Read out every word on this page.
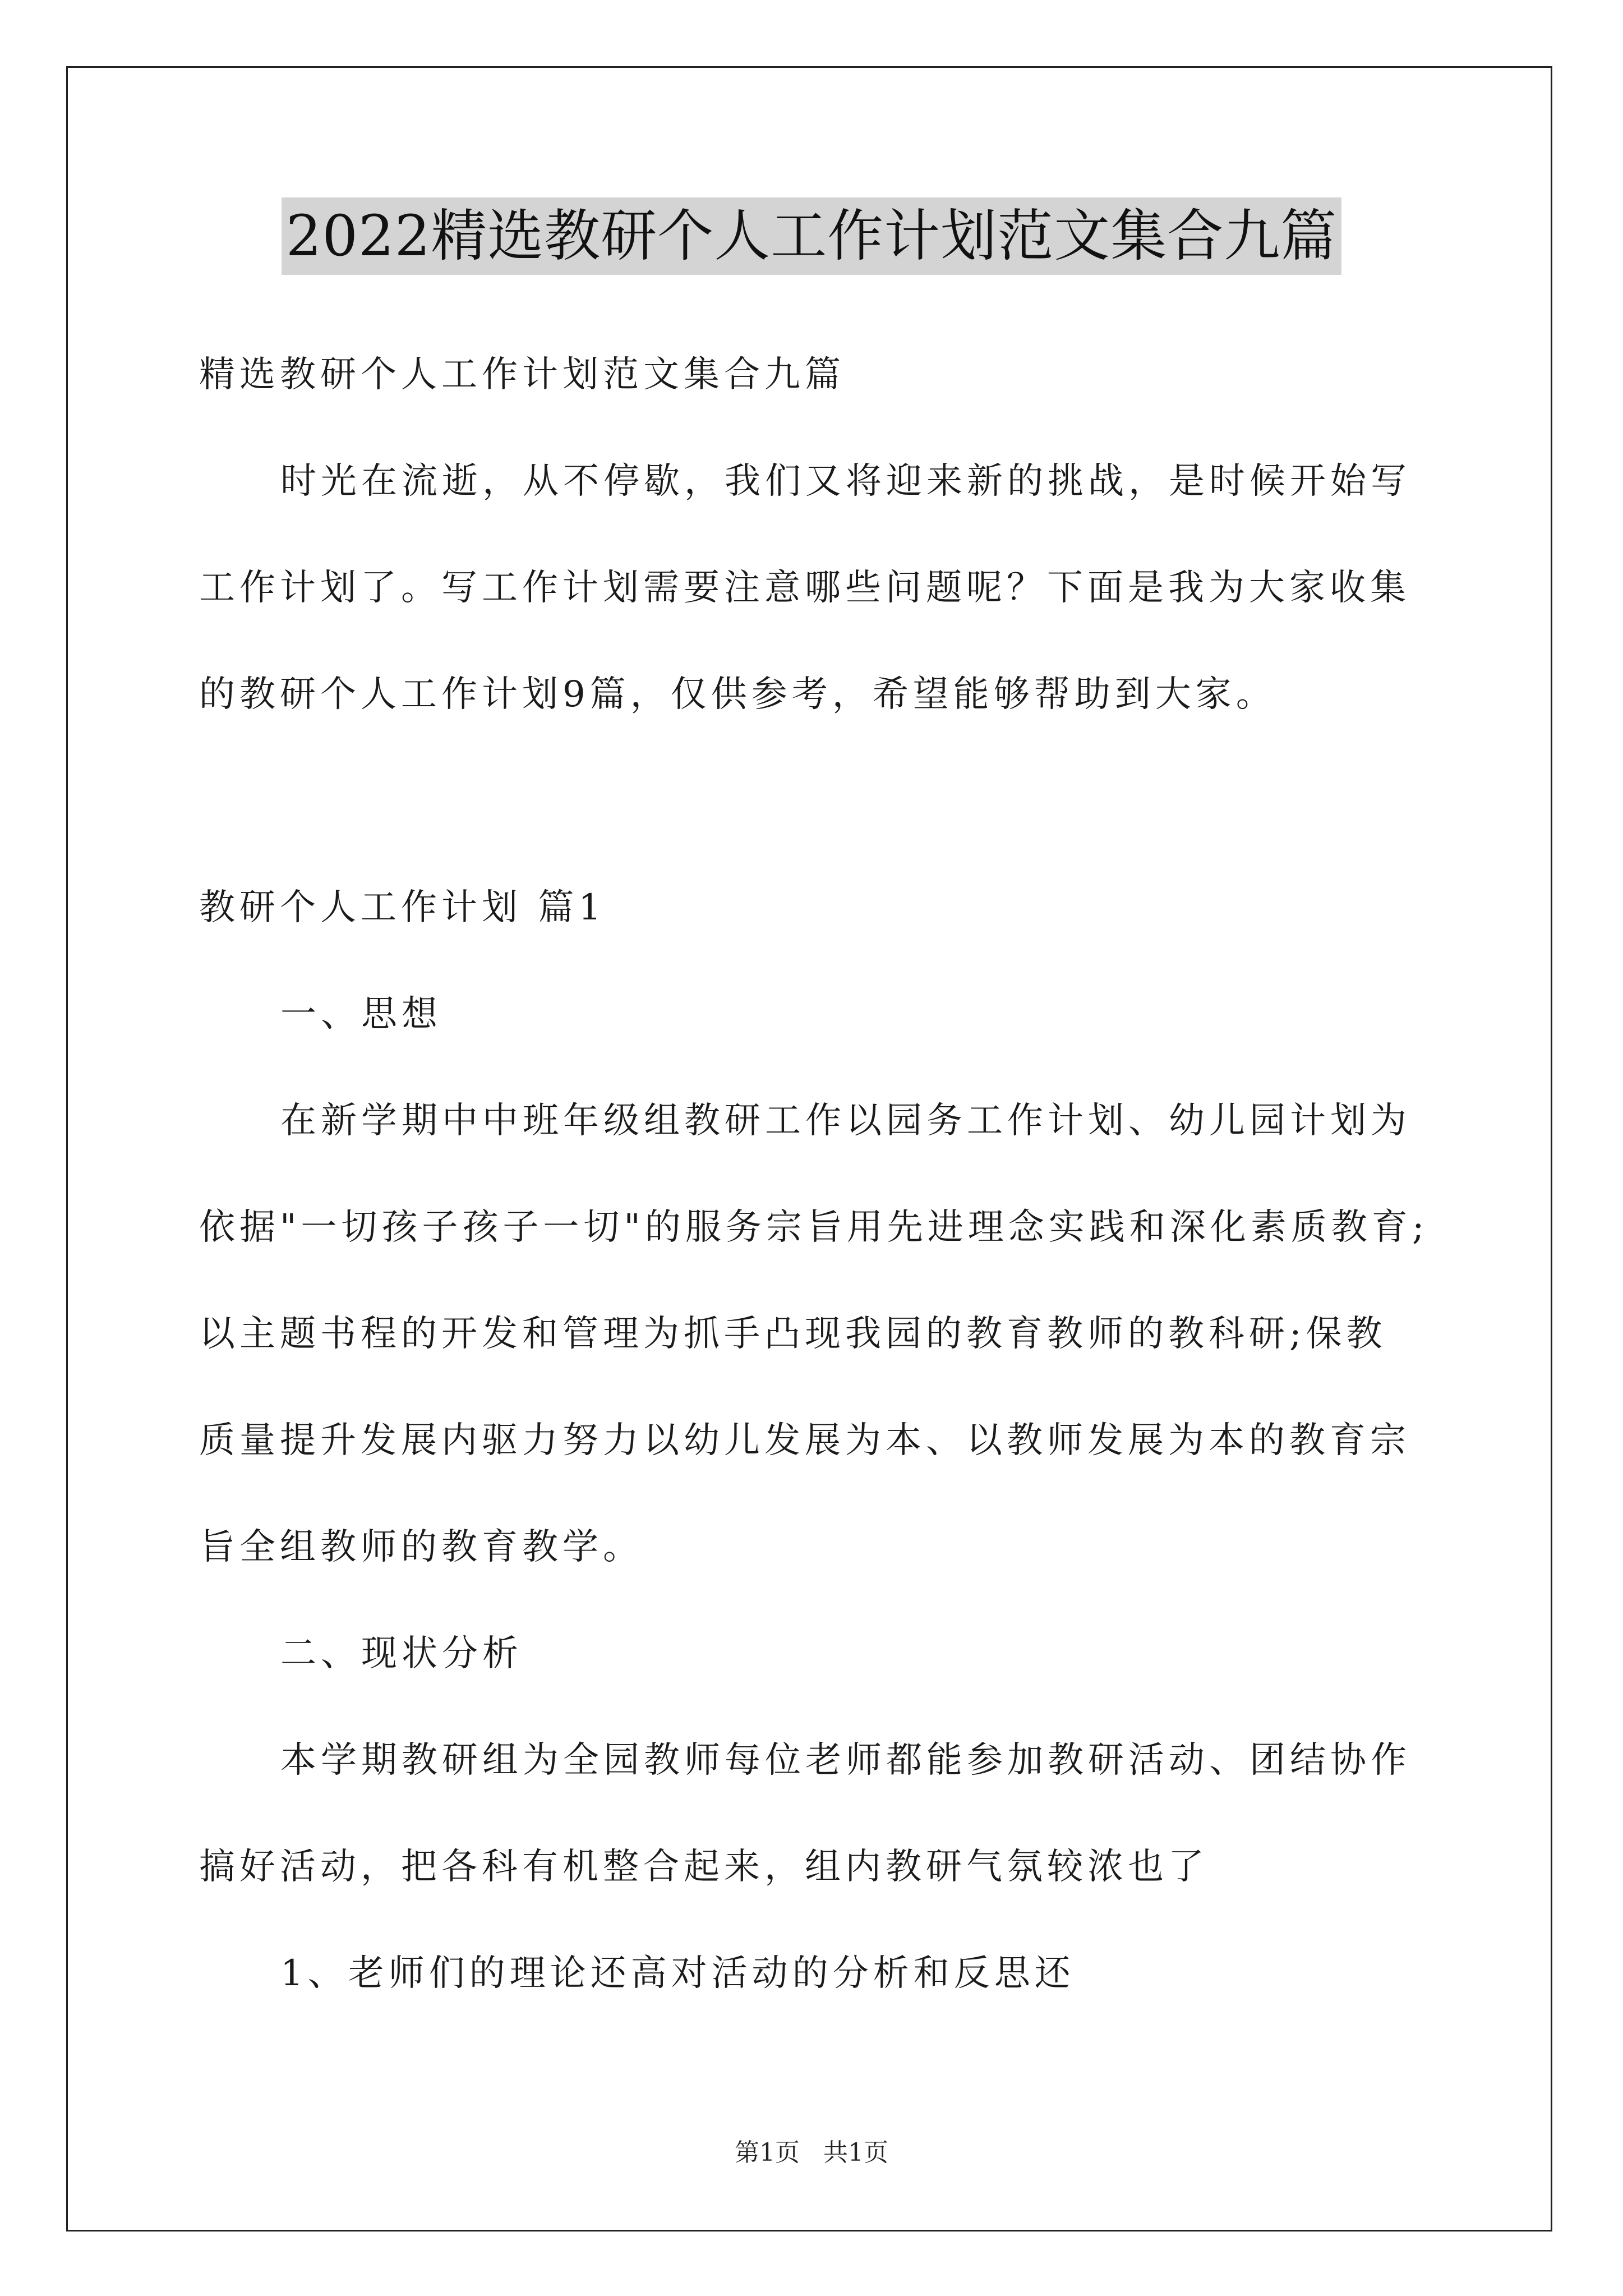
2022精选教研个人工作计划范文集合九篇
精选教研个人工作计划范文集合九篇
时光在流逝，从不停歇，我们又将迎来新的挑战，是时候开始写
工作计划了。写工作计划需要注意哪些问题呢？下面是我为大家收集
的教研个人工作计划9篇，仅供参考，希望能够帮助到大家。
教研个人工作计划 篇1
一、思想
在新学期中中班年级组教研工作以园务工作计划、幼儿园计划为
依据"一切孩子孩子一切"的服务宗旨用先进理念实践和深化素质教育;
以主题书程的开发和管理为抓手凸现我园的教育教师的教科研;保教
质量提升发展内驱力努力以幼儿发展为本、以教师发展为本的教育宗
旨全组教师的教育教学。
二、现状分析
本学期教研组为全园教师每位老师都能参加教研活动、团结协作
搞好活动，把各科有机整合起来，组内教研气氛较浓也了
1、老师们的理论还高对活动的分析和反思还
第1页   共1页
